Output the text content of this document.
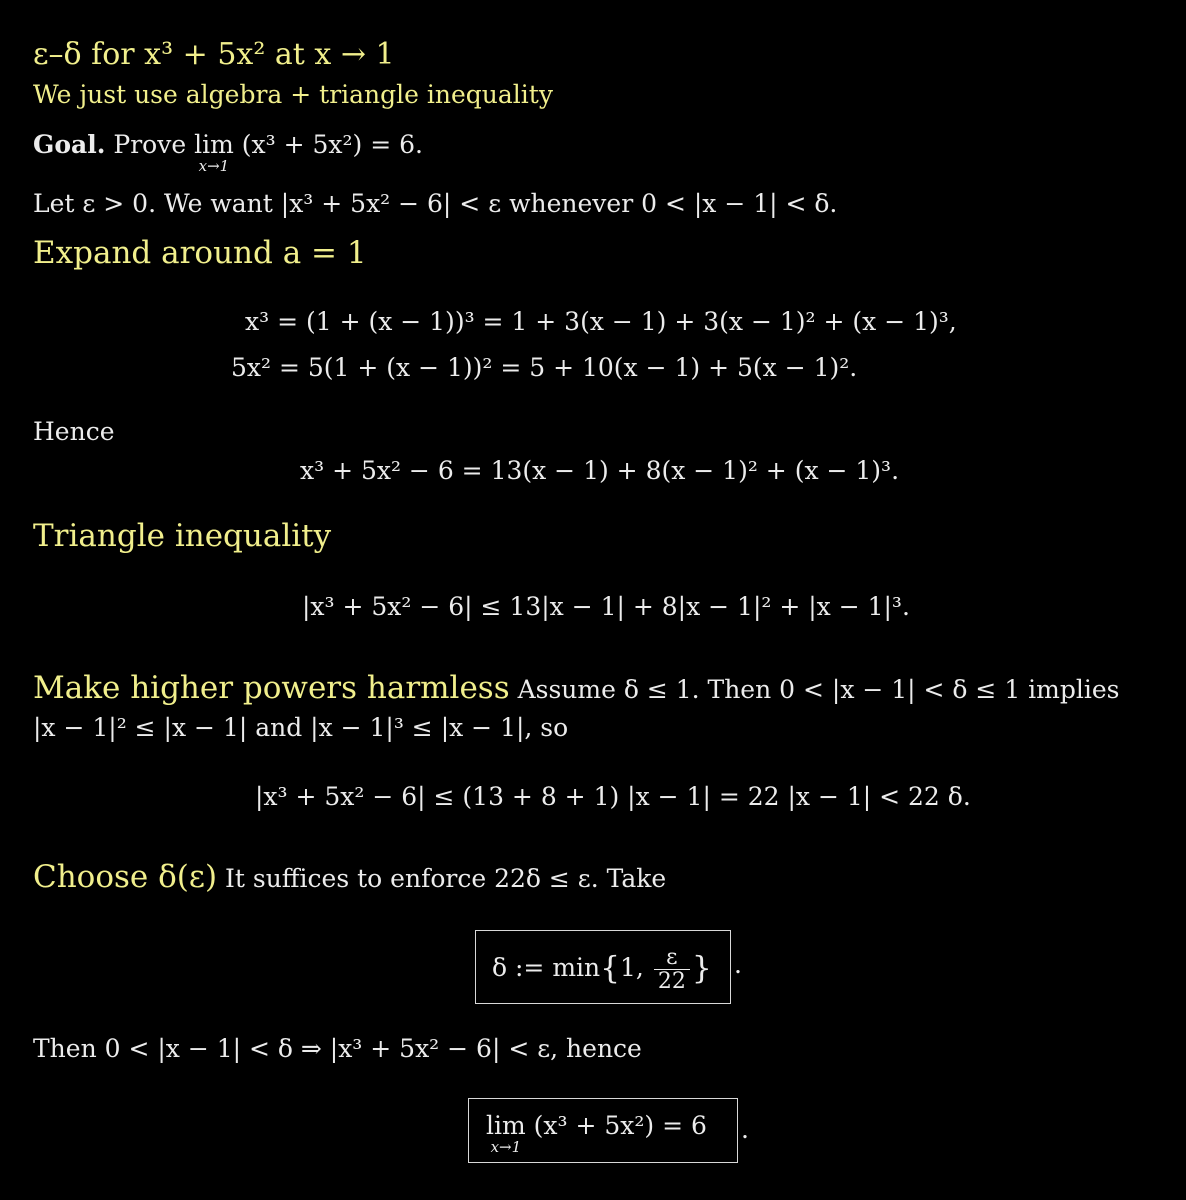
ε–δ for x³ + 5x² at x → 1
We just use algebra + triangle inequality
Goal. Prove lim
x→1
(x³ + 5x²) = 6.
Let ε > 0. We want |x³ + 5x² − 6| < ε whenever 0 < |x − 1| < δ.
Expand around a = 1
x³ = (1 + (x − 1))³ = 1 + 3(x − 1) + 3(x − 1)² + (x − 1)³,
5x² = 5(1 + (x − 1))² = 5 + 10(x − 1) + 5(x − 1)².
Hence
x³ + 5x² − 6 = 13(x − 1) + 8(x − 1)² + (x − 1)³.
Triangle inequality
|x³ + 5x² − 6| ≤ 13|x − 1| + 8|x − 1|² + |x − 1|³.
Make higher powers harmless Assume δ ≤ 1. Then 0 < |x − 1| < δ ≤ 1 implies
|x − 1|² ≤ |x − 1| and |x − 1|³ ≤ |x − 1|, so
|x³ + 5x² − 6| ≤ (13 + 8 + 1) |x − 1| = 22 |x − 1| < 22 δ.
Choose δ(ε) It suffices to enforce 22δ ≤ ε. Take
δ := min{1, $\frac{\varepsilon}{22}$ } .
Then 0 < |x − 1| < δ ⇒ |x³ + 5x² − 6| < ε, hence
lim
x→1
(x³ + 5x²) = 6 .
